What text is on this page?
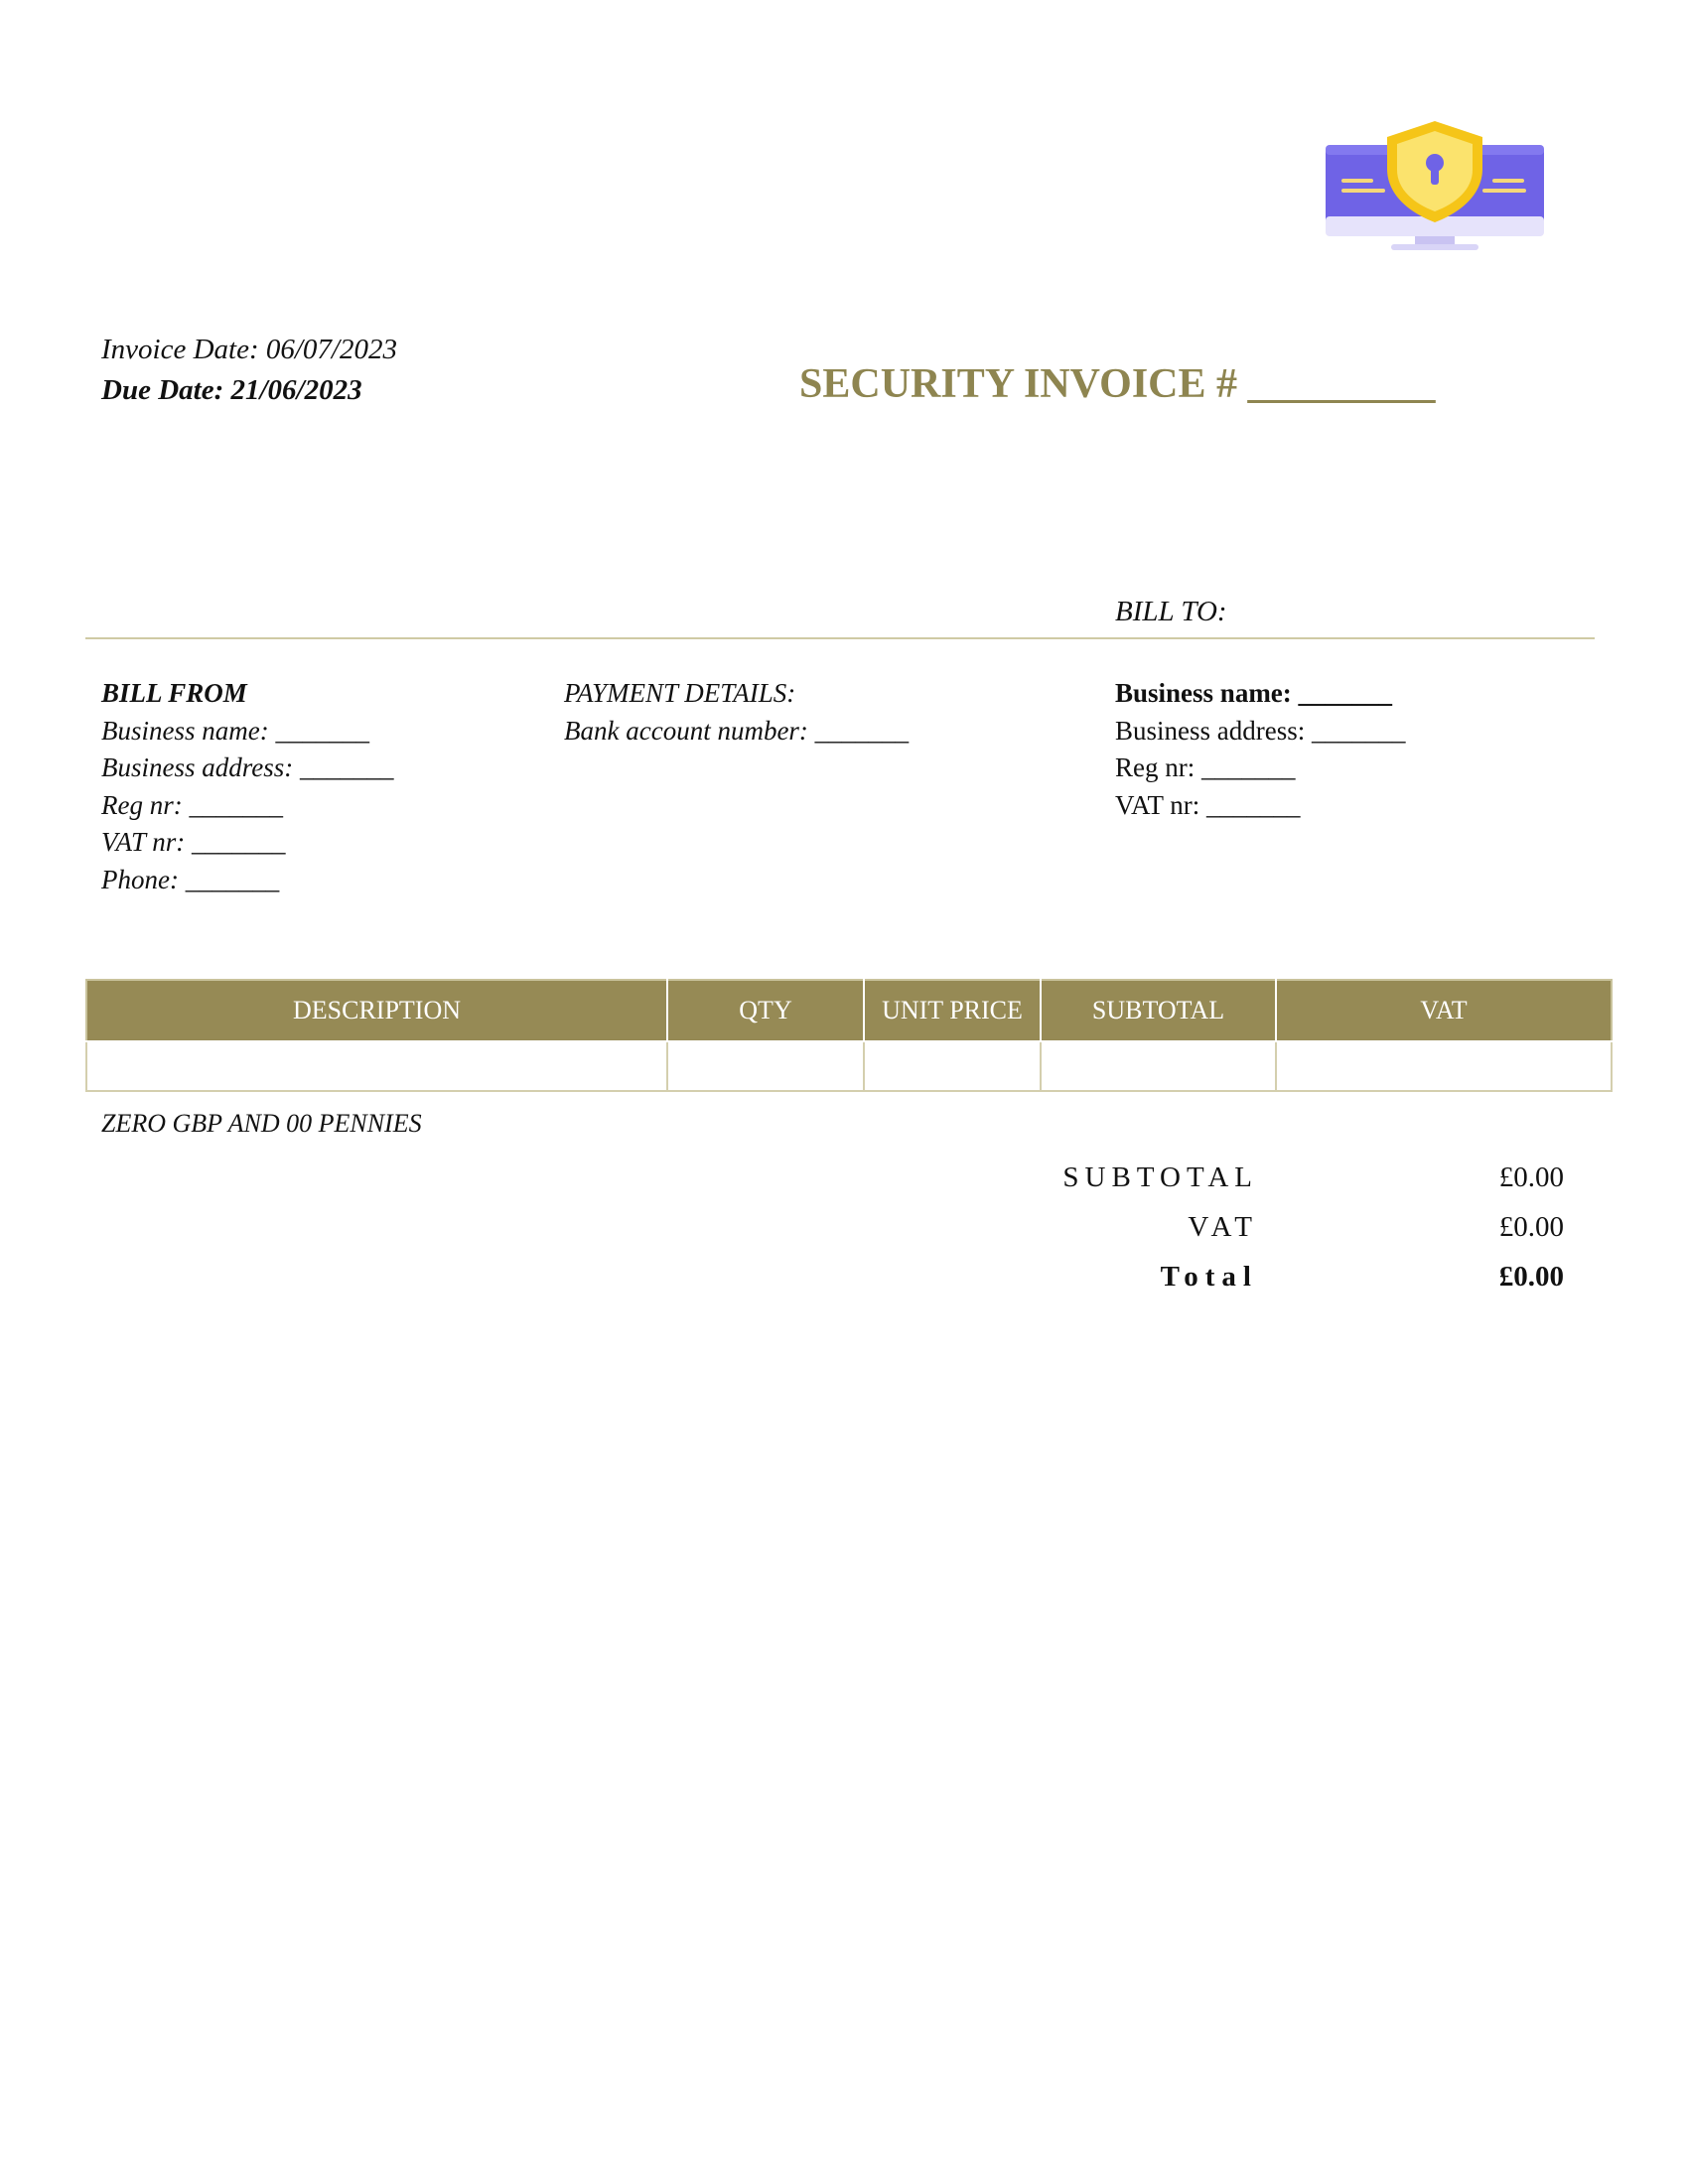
Invoice Date: 06/07/2023
Due Date: 21/06/2023	SECURITY INVOICE # _________
BILL TO:
BILL FROM
Business name: _______
Business address: _______
Reg nr: _______
VAT nr: _______
Phone: _______
PAYMENT DETAILS:
Bank account number: _______
Business name: _______
Business address: _______
Reg nr: _______
VAT nr: _______
DESCRIPTION	QTY	UNIT PRICE	SUBTOTAL	VAT

ZERO GBP AND 00 PENNIES
SUBTOTAL	£0.00
VAT	£0.00
Total	£0.00
